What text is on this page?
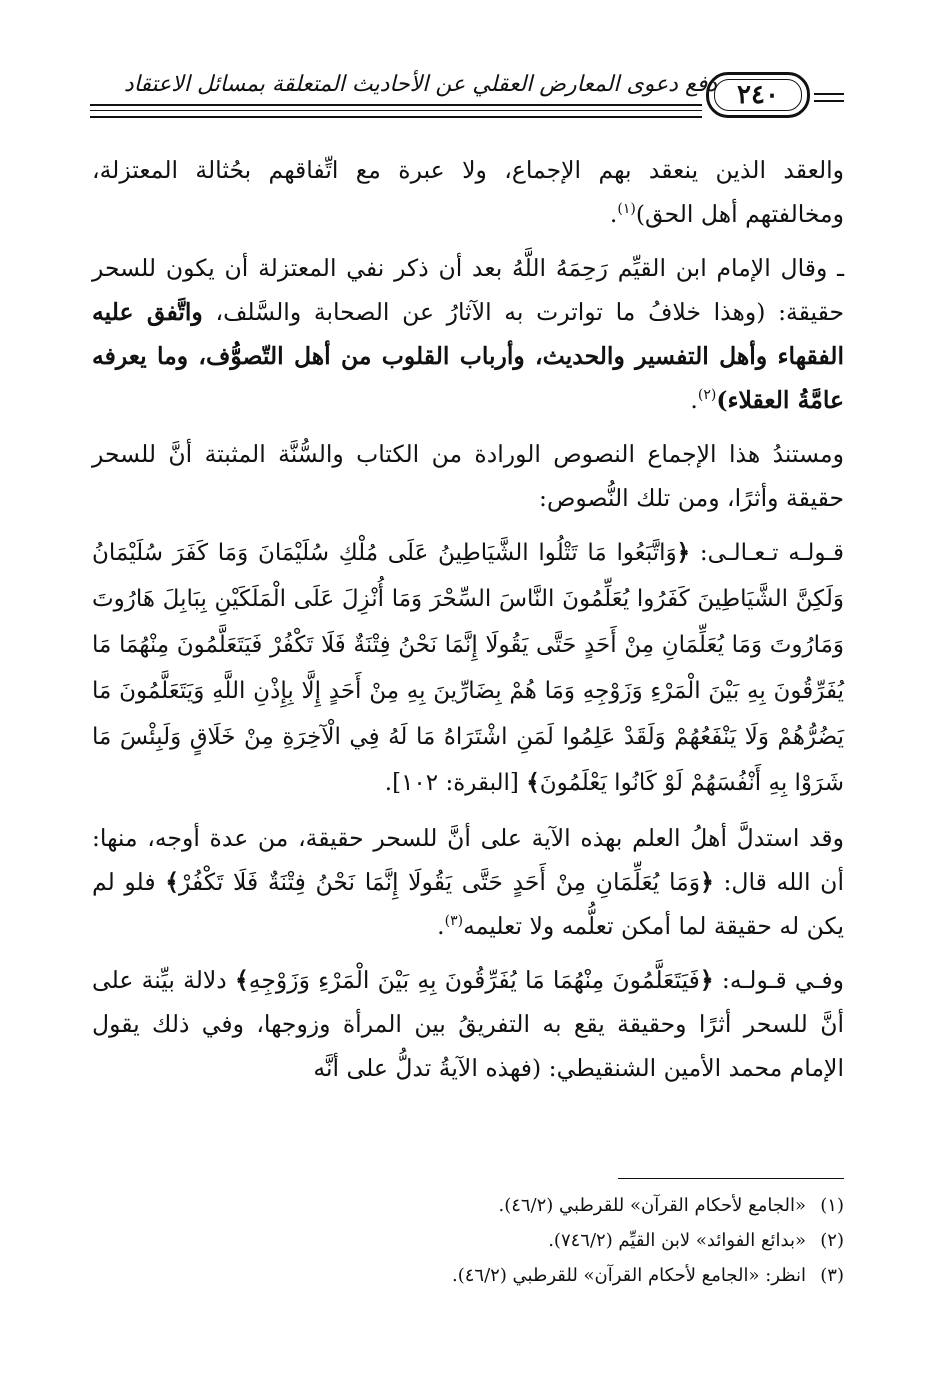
دفع دعوى المعارض العقلي عن الأحاديث المتعلقة بمسائل الاعتقاد ٢٤٠

والعقد الذين ينعقد بهم الإجماع، ولا عبرة مع اتِّفاقهم بحُثالة المعتزلة، ومخالفتهم أهل الحق)$^{(١)}$.

ـ وقال الإمام ابن القيِّم رَحِمَهُ اللَّهُ بعد أن ذكر نفي المعتزلة أن يكون للسحر حقيقة: (وهذا خلافُ ما تواترت به الآثارُ عن الصحابة والسَّلف، واتَّفق عليه الفقهاء وأهل التفسير والحديث، وأرباب القلوب من أهل التّصوُّف، وما يعرفه عامَّةُ العقلاء)$^{(٢)}$.

ومستندُ هذا الإجماع النصوص الورادة من الكتاب والسُّنَّة المثبتة أنَّ للسحر حقيقة وأثرًا، ومن تلك النُّصوص:

قـولـه تـعـالـى: ﴿وَاتَّبَعُوا مَا تَتْلُوا الشَّيَاطِينُ عَلَى مُلْكِ سُلَيْمَانَ وَمَا كَفَرَ سُلَيْمَانُ وَلَكِنَّ الشَّيَاطِينَ كَفَرُوا يُعَلِّمُونَ النَّاسَ السِّحْرَ وَمَا أُنْزِلَ عَلَى الْمَلَكَيْنِ بِبَابِلَ هَارُوتَ وَمَارُوتَ وَمَا يُعَلِّمَانِ مِنْ أَحَدٍ حَتَّى يَقُولَا إِنَّمَا نَحْنُ فِتْنَةٌ فَلَا تَكْفُرْ فَيَتَعَلَّمُونَ مِنْهُمَا مَا يُفَرِّقُونَ بِهِ بَيْنَ الْمَرْءِ وَزَوْجِهِ وَمَا هُمْ بِضَارِّينَ بِهِ مِنْ أَحَدٍ إِلَّا بِإِذْنِ اللَّهِ وَيَتَعَلَّمُونَ مَا يَضُرُّهُمْ وَلَا يَنْفَعُهُمْ وَلَقَدْ عَلِمُوا لَمَنِ اشْتَرَاهُ مَا لَهُ فِي الْآخِرَةِ مِنْ خَلَاقٍ وَلَبِئْسَ مَا شَرَوْا بِهِ أَنْفُسَهُمْ لَوْ كَانُوا يَعْلَمُونَ﴾ [البقرة: ١٠٢].

وقد استدلَّ أهلُ العلم بهذه الآية على أنَّ للسحر حقيقة، من عدة أوجه، منها: أن الله قال: ﴿وَمَا يُعَلِّمَانِ مِنْ أَحَدٍ حَتَّى يَقُولَا إِنَّمَا نَحْنُ فِتْنَةٌ فَلَا تَكْفُرْ﴾ فلو لم يكن له حقيقة لما أمكن تعلُّمه ولا تعليمه$^{(٣)}$.

وفـي قـولـه: ﴿فَيَتَعَلَّمُونَ مِنْهُمَا مَا يُفَرِّقُونَ بِهِ بَيْنَ الْمَرْءِ وَزَوْجِهِ﴾ دلالة بيِّنة على أنَّ للسحر أثرًا وحقيقة يقع به التفريقُ بين المرأة وزوجها، وفي ذلك يقول الإمام محمد الأمين الشنقيطي: (فهذه الآيةُ تدلُّ على أنَّه

(١)«الجامع لأحكام القرآن» للقرطبي (٤٦/٢).
(٢)«بدائع الفوائد» لابن القيِّم (٧٤٦/٢).
(٣)انظر: «الجامع لأحكام القرآن» للقرطبي (٤٦/٢).
